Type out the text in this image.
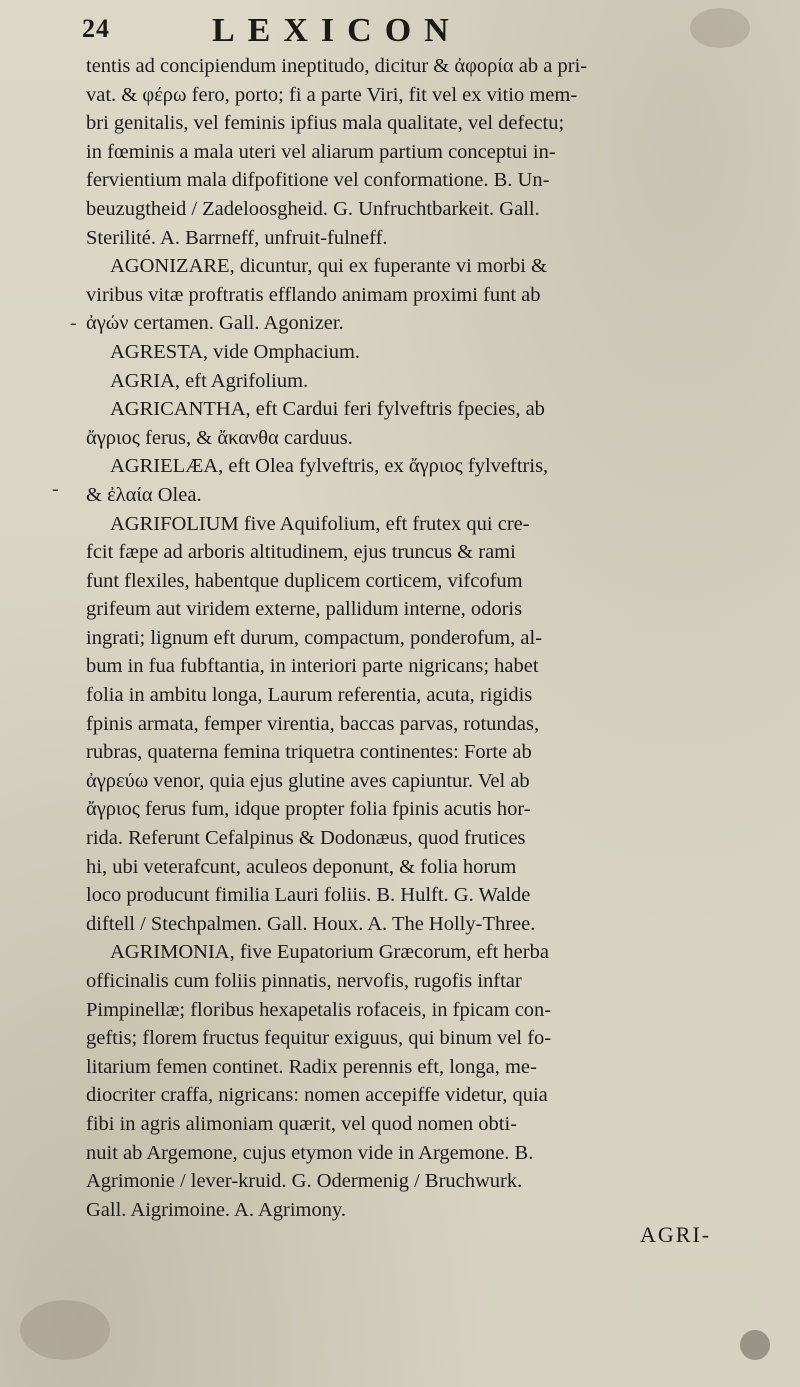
24	LEXICON
tentis ad concipiendum ineptitudo, dicitur & ἀφορία ab a pri-
vat. & φέρω fero, porto; fi a parte Viri, fit vel ex vitio mem-
bri genitalis, vel feminis ipfius mala qualitate, vel defectu;
in fœminis a mala uteri vel aliarum partium conceptui in-
fervientium mala difpofitione vel conformatione. B. Un-
beuzugtheid / Zadeloosgheid. G. Unfruchtbarkeit. Gall.
Sterilité. A. Barrneff, unfruit-fulneff.
AGONIZARE, dicuntur, qui ex fuperante vi morbi &
viribus vitæ proftratis efflando animam proximi funt ab
ἀγών certamen. Gall. Agonizer.
AGRESTA, vide Omphacium.
AGRIA, eft Agrifolium.
AGRICANTHA, eft Cardui feri fylveftris fpecies, ab
ἄγριος ferus, & ἄκανθα carduus.
AGRIELÆA, eft Olea fylveftris, ex ἄγριος fylveftris,
& ἐλαία Olea.
AGRIFOLIUM five Aquifolium, eft frutex qui cre-
fcit fæpe ad arboris altitudinem, ejus truncus & rami
funt flexiles, habentque duplicem corticem, vifcofum
grifeum aut viridem externe, pallidum interne, odoris
ingrati; lignum eft durum, compactum, ponderofum, al-
bum in fua fubftantia, in interiori parte nigricans; habet
folia in ambitu longa, Laurum referentia, acuta, rigidis
fpinis armata, femper virentia, baccas parvas, rotundas,
rubras, quaterna femina triquetra continentes: Forte ab
ἀγρεύω venor, quia ejus glutine aves capiuntur. Vel ab
ἄγριος ferus fum, idque propter folia fpinis acutis hor-
rida. Referunt Cefalpinus & Dodonæus, quod frutices
hi, ubi veterafcunt, aculeos deponunt, & folia horum
loco producunt fimilia Lauri foliis. B. Hulft. G. Walde
diftell / Stechpalmen. Gall. Houx. A. The Holly-Three.
AGRIMONIA, five Eupatorium Græcorum, eft herba
officinalis cum foliis pinnatis, nervofis, rugofis inftar
Pimpinellæ; floribus hexapetalis rofaceis, in fpicam con-
geftis; florem fructus fequitur exiguus, qui binum vel fo-
litarium femen continet. Radix perennis eft, longa, me-
diocriter craffa, nigricans: nomen accepiffe videtur, quia
fibi in agris alimoniam quærit, vel quod nomen obti-
nuit ab Argemone, cujus etymon vide in Argemone. B.
Agrimonie / lever-kruid. G. Odermenig / Bruchwurk.
Gall. Aigrimoine. A. Agrimony.
AGRI-
-
-
